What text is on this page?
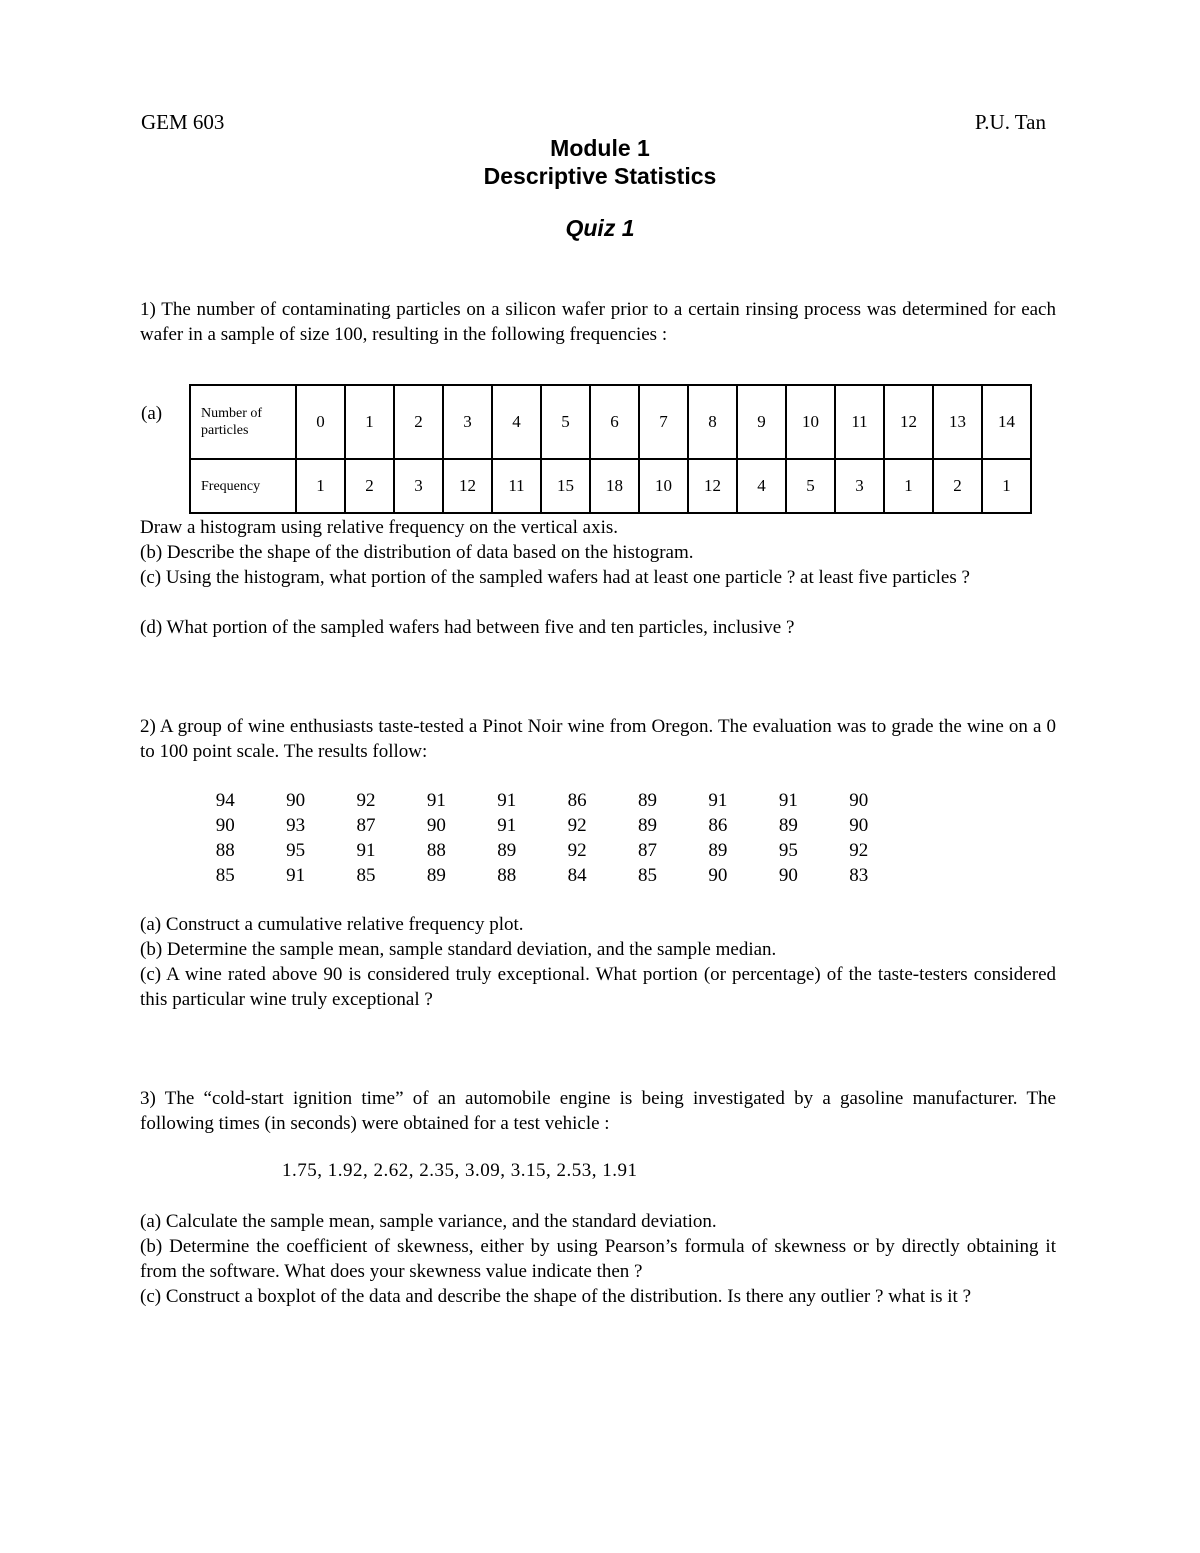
GEM 603	P.U. Tan
Module 1
Descriptive Statistics
Quiz 1
1) The number of contaminating particles on a silicon wafer prior to a certain rinsing process was determined for each wafer in a sample of size 100, resulting in the following frequencies :
(a)	Number of particles	0	1	2	3	4	5	6	7	8	9	10	11	12	13	14
Frequency	1	2	3	12	11	15	18	10	12	4	5	3	1	2	1
Draw a histogram using relative frequency on the vertical axis.
(b) Describe the shape of the distribution of data based on the histogram.
(c) Using the histogram, what portion of the sampled wafers had at least one particle ? at least five particles ?
(d) What portion of the sampled wafers had between five and ten particles, inclusive ?
2) A group of wine enthusiasts taste-tested a Pinot Noir wine from Oregon. The evaluation was to grade the wine on a 0 to 100 point scale. The results follow:
94	90	92	91	91	86	89	91	91	90
90	93	87	90	91	92	89	86	89	90
88	95	91	88	89	92	87	89	95	92
85	91	85	89	88	84	85	90	90	83
(a) Construct a cumulative relative frequency plot.
(b) Determine the sample mean, sample standard deviation, and the sample median.
(c) A wine rated above 90 is considered truly exceptional. What portion (or percentage) of the taste-testers considered this particular wine truly exceptional ?
3) The “cold-start ignition time” of an automobile engine is being investigated by a gasoline manufacturer. The following times (in seconds) were obtained for a test vehicle :
1.75, 1.92, 2.62, 2.35, 3.09, 3.15, 2.53, 1.91
(a) Calculate the sample mean, sample variance, and the standard deviation.
(b) Determine the coefficient of skewness, either by using Pearson’s formula of skewness or by directly obtaining it from the software. What does your skewness value indicate then ?
(c) Construct a boxplot of the data and describe the shape of the distribution. Is there any outlier ? what is it ?
